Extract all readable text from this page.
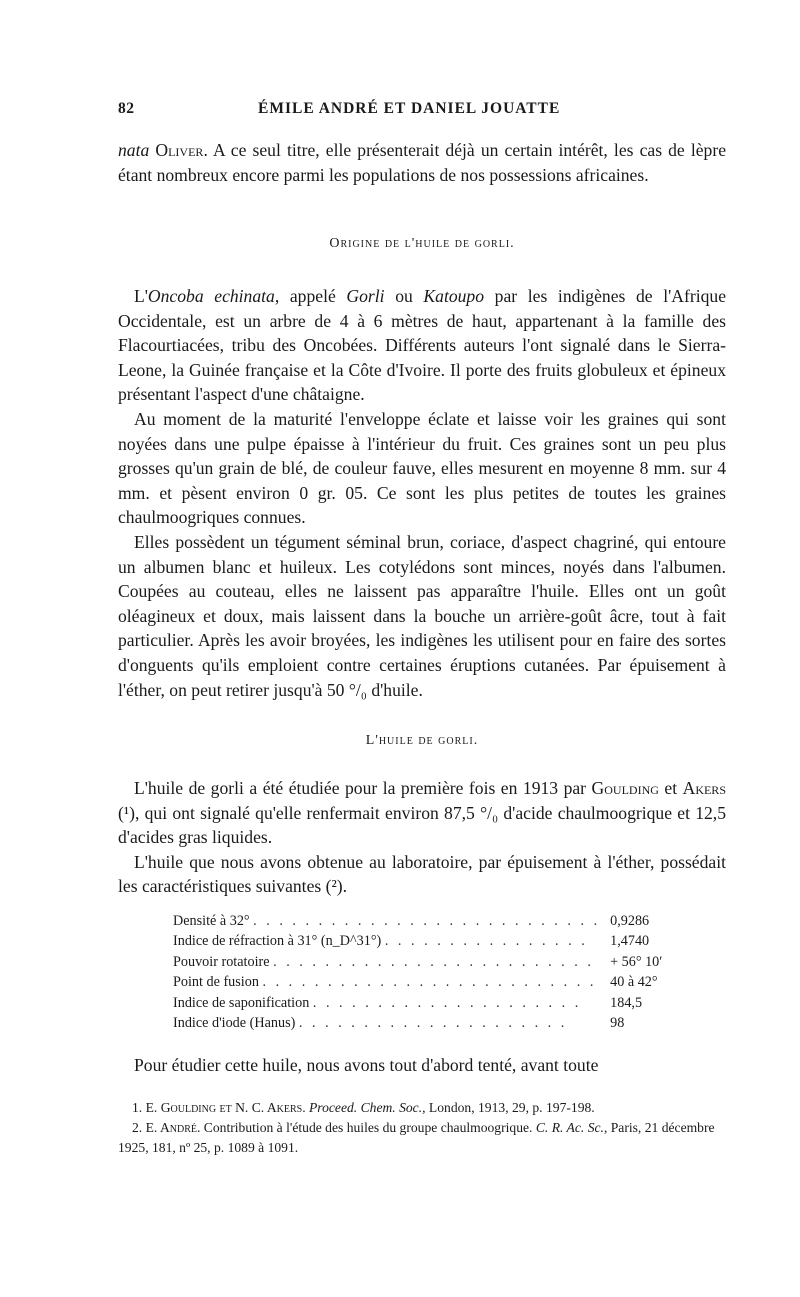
82	ÉMILE ANDRÉ ET DANIEL JOUATTE

nata Oliver. A ce seul titre, elle présenterait déjà un certain intérêt, les cas de lèpre étant nombreux encore parmi les populations de nos possessions africaines.

Origine de l'huile de gorli.

L'Oncoba echinata, appelé Gorli ou Katoupo par les indigènes de l'Afrique Occidentale, est un arbre de 4 à 6 mètres de haut, appartenant à la famille des Flacourtiacées, tribu des Oncobées. Différents auteurs l'ont signalé dans le Sierra-Leone, la Guinée française et la Côte d'Ivoire. Il porte des fruits globuleux et épineux présentant l'aspect d'une châtaigne.

Au moment de la maturité l'enveloppe éclate et laisse voir les graines qui sont noyées dans une pulpe épaisse à l'intérieur du fruit. Ces graines sont un peu plus grosses qu'un grain de blé, de couleur fauve, elles mesurent en moyenne 8 mm. sur 4 mm. et pèsent environ 0 gr. 05. Ce sont les plus petites de toutes les graines chaulmoogriques connues.

Elles possèdent un tégument séminal brun, coriace, d'aspect chagriné, qui entoure un albumen blanc et huileux. Les cotylédons sont minces, noyés dans l'albumen. Coupées au couteau, elles ne laissent pas apparaître l'huile. Elles ont un goût oléagineux et doux, mais laissent dans la bouche un arrière-goût âcre, tout à fait particulier. Après les avoir broyées, les indigènes les utilisent pour en faire des sortes d'onguents qu'ils emploient contre certaines éruptions cutanées. Par épuisement à l'éther, on peut retirer jusqu'à 50 °/₀ d'huile.

L'huile de gorli.

L'huile de gorli a été étudiée pour la première fois en 1913 par Goulding et Akers (¹), qui ont signalé qu'elle renfermait environ 87,5 °/₀ d'acide chaulmoogrique et 12,5 d'acides gras liquides.

L'huile que nous avons obtenue au laboratoire, par épuisement à l'éther, possédait les caractéristiques suivantes (²).

Densité à 32° . . . . . . . . . . . . . . . . . . . . . . . . . . .	0,9286
Indice de réfraction à 31° (n_D^31°) . . . . . . . . . . . . . . . .	1,4740
Pouvoir rotatoire . . . . . . . . . . . . . . . . . . . . . . . . .	+ 56° 10′
Point de fusion . . . . . . . . . . . . . . . . . . . . . . . . . .	40 à 42°
Indice de saponification . . . . . . . . . . . . . . . . . . . . .	184,5
Indice d'iode (Hanus) . . . . . . . . . . . . . . . . . . . . .	98

Pour étudier cette huile, nous avons tout d'abord tenté, avant toute

1. E. Goulding et N. C. Akers. Proceed. Chem. Soc., London, 1913, 29, p. 197-198.

2. E. André. Contribution à l'étude des huiles du groupe chaulmoogrique. C. R. Ac. Sc., Paris, 21 décembre 1925, 181, nº 25, p. 1089 à 1091.
